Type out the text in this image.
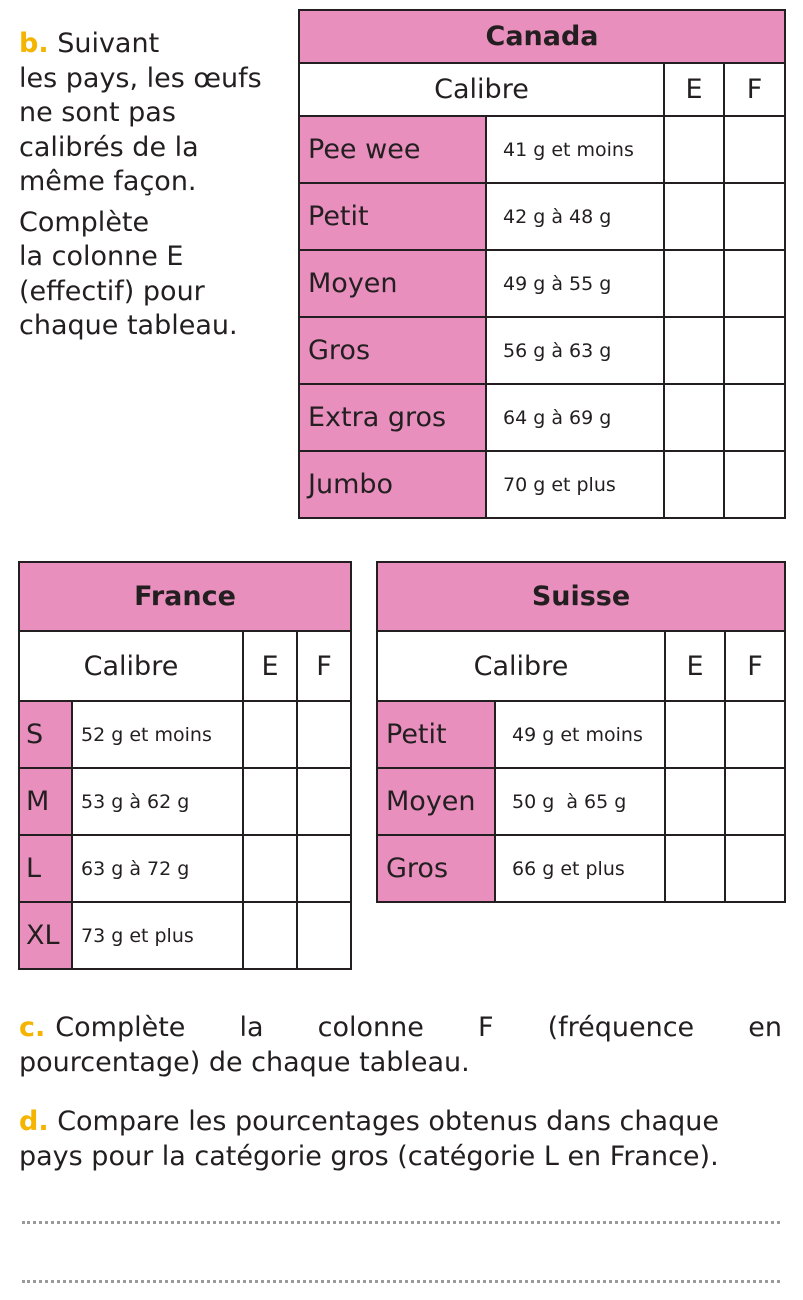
b. Suivant
les pays, les œufs
ne sont pas
calibrés de la
même façon.
Complète
la colonne E
(effectif) pour
chaque tableau.
Canada			
Calibre		E	F
Pee wee	41 g et moins		
Petit	42 g à 48 g		
Moyen	49 g à 55 g		
Gros	56 g à 63 g		
Extra gros	64 g à 69 g		
Jumbo	70 g et plus		
France			
Calibre		E	F
S	52 g et moins		
M	53 g à 62 g		
L	63 g à 72 g		
XL	73 g et plus		
Suisse			
Calibre		E	F
Petit	49 g et moins		
Moyen	50 g  à 65 g		
Gros	66 g et plus		
c. Complète la colonne F (fréquence en
pourcentage) de chaque tableau.
d. Compare les pourcentages obtenus dans chaque
pays pour la catégorie gros (catégorie L en France).
